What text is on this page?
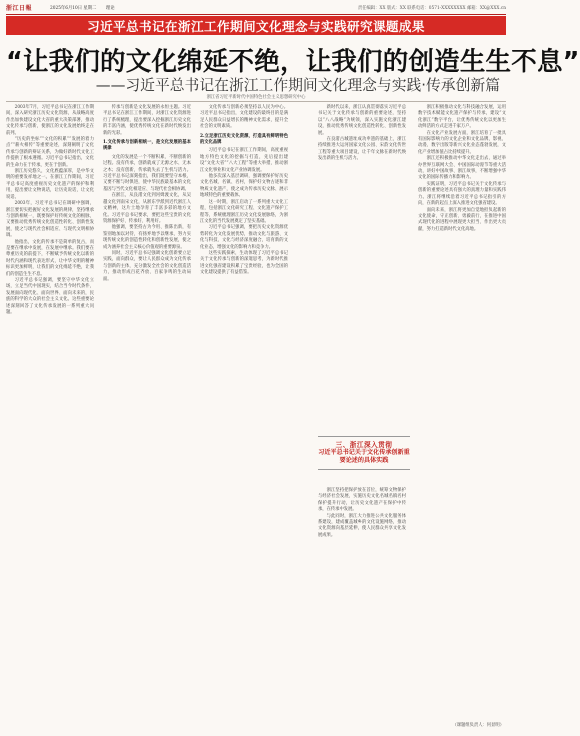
浙江日報	2025年6月10日 星期二 理论	责任编辑：XX 版式：XX 联系电话：0571-XXXXXXXX 邮箱：XX@XXX.cn
习近平总书记在浙江工作期间文化理念与实践研究课题成果
“让我们的文化绵延不绝，让我们的创造生生不息”
——习近平总书记在浙江工作期间文化理念与实践·传承创新篇
浙江省习近平新时代中国特色社会主义思想研究中心

2003年7月，习近平总书记在浙江工作期间，深入研究浙江历史文化资源，从战略高度作出加快建设文化大省的重大决策部署，推动文化传承与创新，使浙江的文化发展始终走在前列。

“历史的坐标”“文化的积累”“发展的着力点”“薪火相传”等重要论述，深刻阐明了文化传承与创新的辩证关系，为做好新时代文化工作提供了根本遵循。习近平总书记指出，文化的生命力在于传承，更在于创新。

浙江历史悠久，文化底蕴深厚，是中华文明的重要发祥地之一。在浙江工作期间，习近平总书记高度重视历史文化遗产的保护和利用，提出要让文物说话，让历史说话，让文化说话。

2003年，习近平总书记在调研中强调，浙江要切实把握好文化发展的规律，坚持继承与创新相统一，既要保护好传统文化的根脉，又要推动优秀传统文化创造性转化、创新性发展，使之与现代社会相适应、与现代文明相协调。

他指出，文化的传承不是简单的复古，而是要在继承中发展，在发展中继承。我们要在尊重历史的前提下，不断赋予传统文化以新的时代内涵和现代表达形式，让中华文明的精神标识更加鲜明，让我们的文化绵延不绝，让我们的创造生生不息。

习近平总书记强调，要坚守中华文化立场，立足当代中国现实，结合当今时代条件，发展面向现代化、面向世界、面向未来的，民族的科学的大众的社会主义文化。这些重要论述深刻回答了文化传承发展的一系列重大问题。

传承与创新是文化发展的永恒主题。习近平总书记在浙江工作期间，对浙江文化资源进行了系统梳理，提出要深入挖掘浙江历史文化的丰富内涵，使优秀传统文化在新时代焕发出新的光彩。

1.文化传承与创新相统一，是文化发展的基本规律

文化的发展是一个不断积累、不断创新的过程。没有传承，创新就成了无源之水、无本之木；没有创新，传承就失去了生机与活力。习近平总书记深刻指出，我们既要坚守本根，又要不断与时俱进，使中华民族最基本的文化基因与当代文化相适应、与现代社会相协调。

在浙江，从良渚文化到河姆渡文化，从吴越文化到南宋文化，从浙东学派到近代浙江人文精神，这片土地孕育了丰富多彩的地方文化。习近平总书记要求，要把这些宝贵的文化资源保护好、传承好、利用好。

他强调，要坚持古为今用、推陈出新，有鉴别地加以对待，有扬弃地予以继承，努力实现传统文化的创造性转化和创新性发展，使之成为涵养社会主义核心价值观的重要源泉。

同时，习近平总书记强调文化创新要立足实践，面向群众，要让人民群众成为文化传承与创新的主体，充分激发全社会的文化创造活力，推动形成百花齐放、百家争鸣的生动局面。

文化传承与创新必须坚持以人民为中心。习近平总书记指出，文化建设的最终目的是满足人民群众日益增长的精神文化需求，提升全社会的文明素质。

2.立足浙江历史文化资源，打造具有鲜明特色的文化品牌

习近平总书记在浙江工作期间，高度重视地方特色文化的挖掘与打造，先后提出建设“文化大省”“八大工程”等重大举措，推动浙江文化事业和文化产业协调发展。

他多次深入基层调研，强调要保护好历史文化名城、名镇、名村，保护好文物古迹和非物质文化遗产，使之成为传承历史文脉、展示地域特色的重要载体。

这一时期，浙江启动了一系列重大文化工程，包括浙江文化研究工程、文化遗产保护工程等，系统梳理浙江历史文化发展脉络，为浙江文化的当代发展奠定了坚实基础。

习近平总书记强调，要把历史文化资源优势转化为文化发展优势，推动文化与旅游、文化与科技、文化与经济深度融合，培育新的文化业态，增强文化的影响力和竞争力。

这些实践探索，生动体现了习近平总书记关于文化传承与创新的深邃思考，为新时代推进文化强省建设积累了宝贵经验，也为全国的文化建设提供了有益借鉴。

新时代以来，浙江认真贯彻落实习近平总书记关于文化传承与创新的重要论述，坚持以“八八战略”为统领，深入实施文化浙江建设，推动优秀传统文化创造性转化、创新性发展。

在良渚古城遗址成功申遗的基础上，浙江持续推进大运河国家文化公园、宋韵文化传世工程等重大项目建设，让千年文脉在新时代焕发出新的生机与活力。

三、浙江深入贯彻
习近平总书记关于文化传承创新重要论述的具体实践

浙江坚持把保护放在首位，统筹文物保护与经济社会发展，实施历史文化名城名镇名村保护提升行动，让历史文化遗产在保护中传承，在传承中发展。

与此同时，浙江大力推进公共文化服务体系建设，建成覆盖城乡的文化设施网络，推动文化资源向基层延伸，使人民群众共享文化发展成果。

浙江积极推动文化与科技融合发展，运用数字技术赋能文化遗产保护与传承，建设“文化浙江”数字平台，让优秀传统文化以更加生动鲜活的方式走进千家万户。

在文化产业发展方面，浙江培育了一批具有国际影响力的文化企业和文化品牌，影视、动漫、数字出版等新兴文化业态蓬勃发展，文化产业增加值占比持续提升。

浙江还积极推动中华文化走出去，通过举办世界互联网大会、中国国际动漫节等重大活动，讲好中国故事、浙江故事，不断增强中华文化的国际传播力和影响力。

实践证明，习近平总书记关于文化传承与创新的重要论述具有强大的真理力量和实践伟力。浙江将继续沿着习近平总书记指引的方向，在新的起点上深入推进文化强省建设。

面向未来，浙江将更加自觉地担负起新的文化使命，守正创新、勇毅前行，在推进中国式现代化的进程中展现更大担当、作出更大贡献，努力打造新时代文化高地。

（课题组负责人：何显明）
